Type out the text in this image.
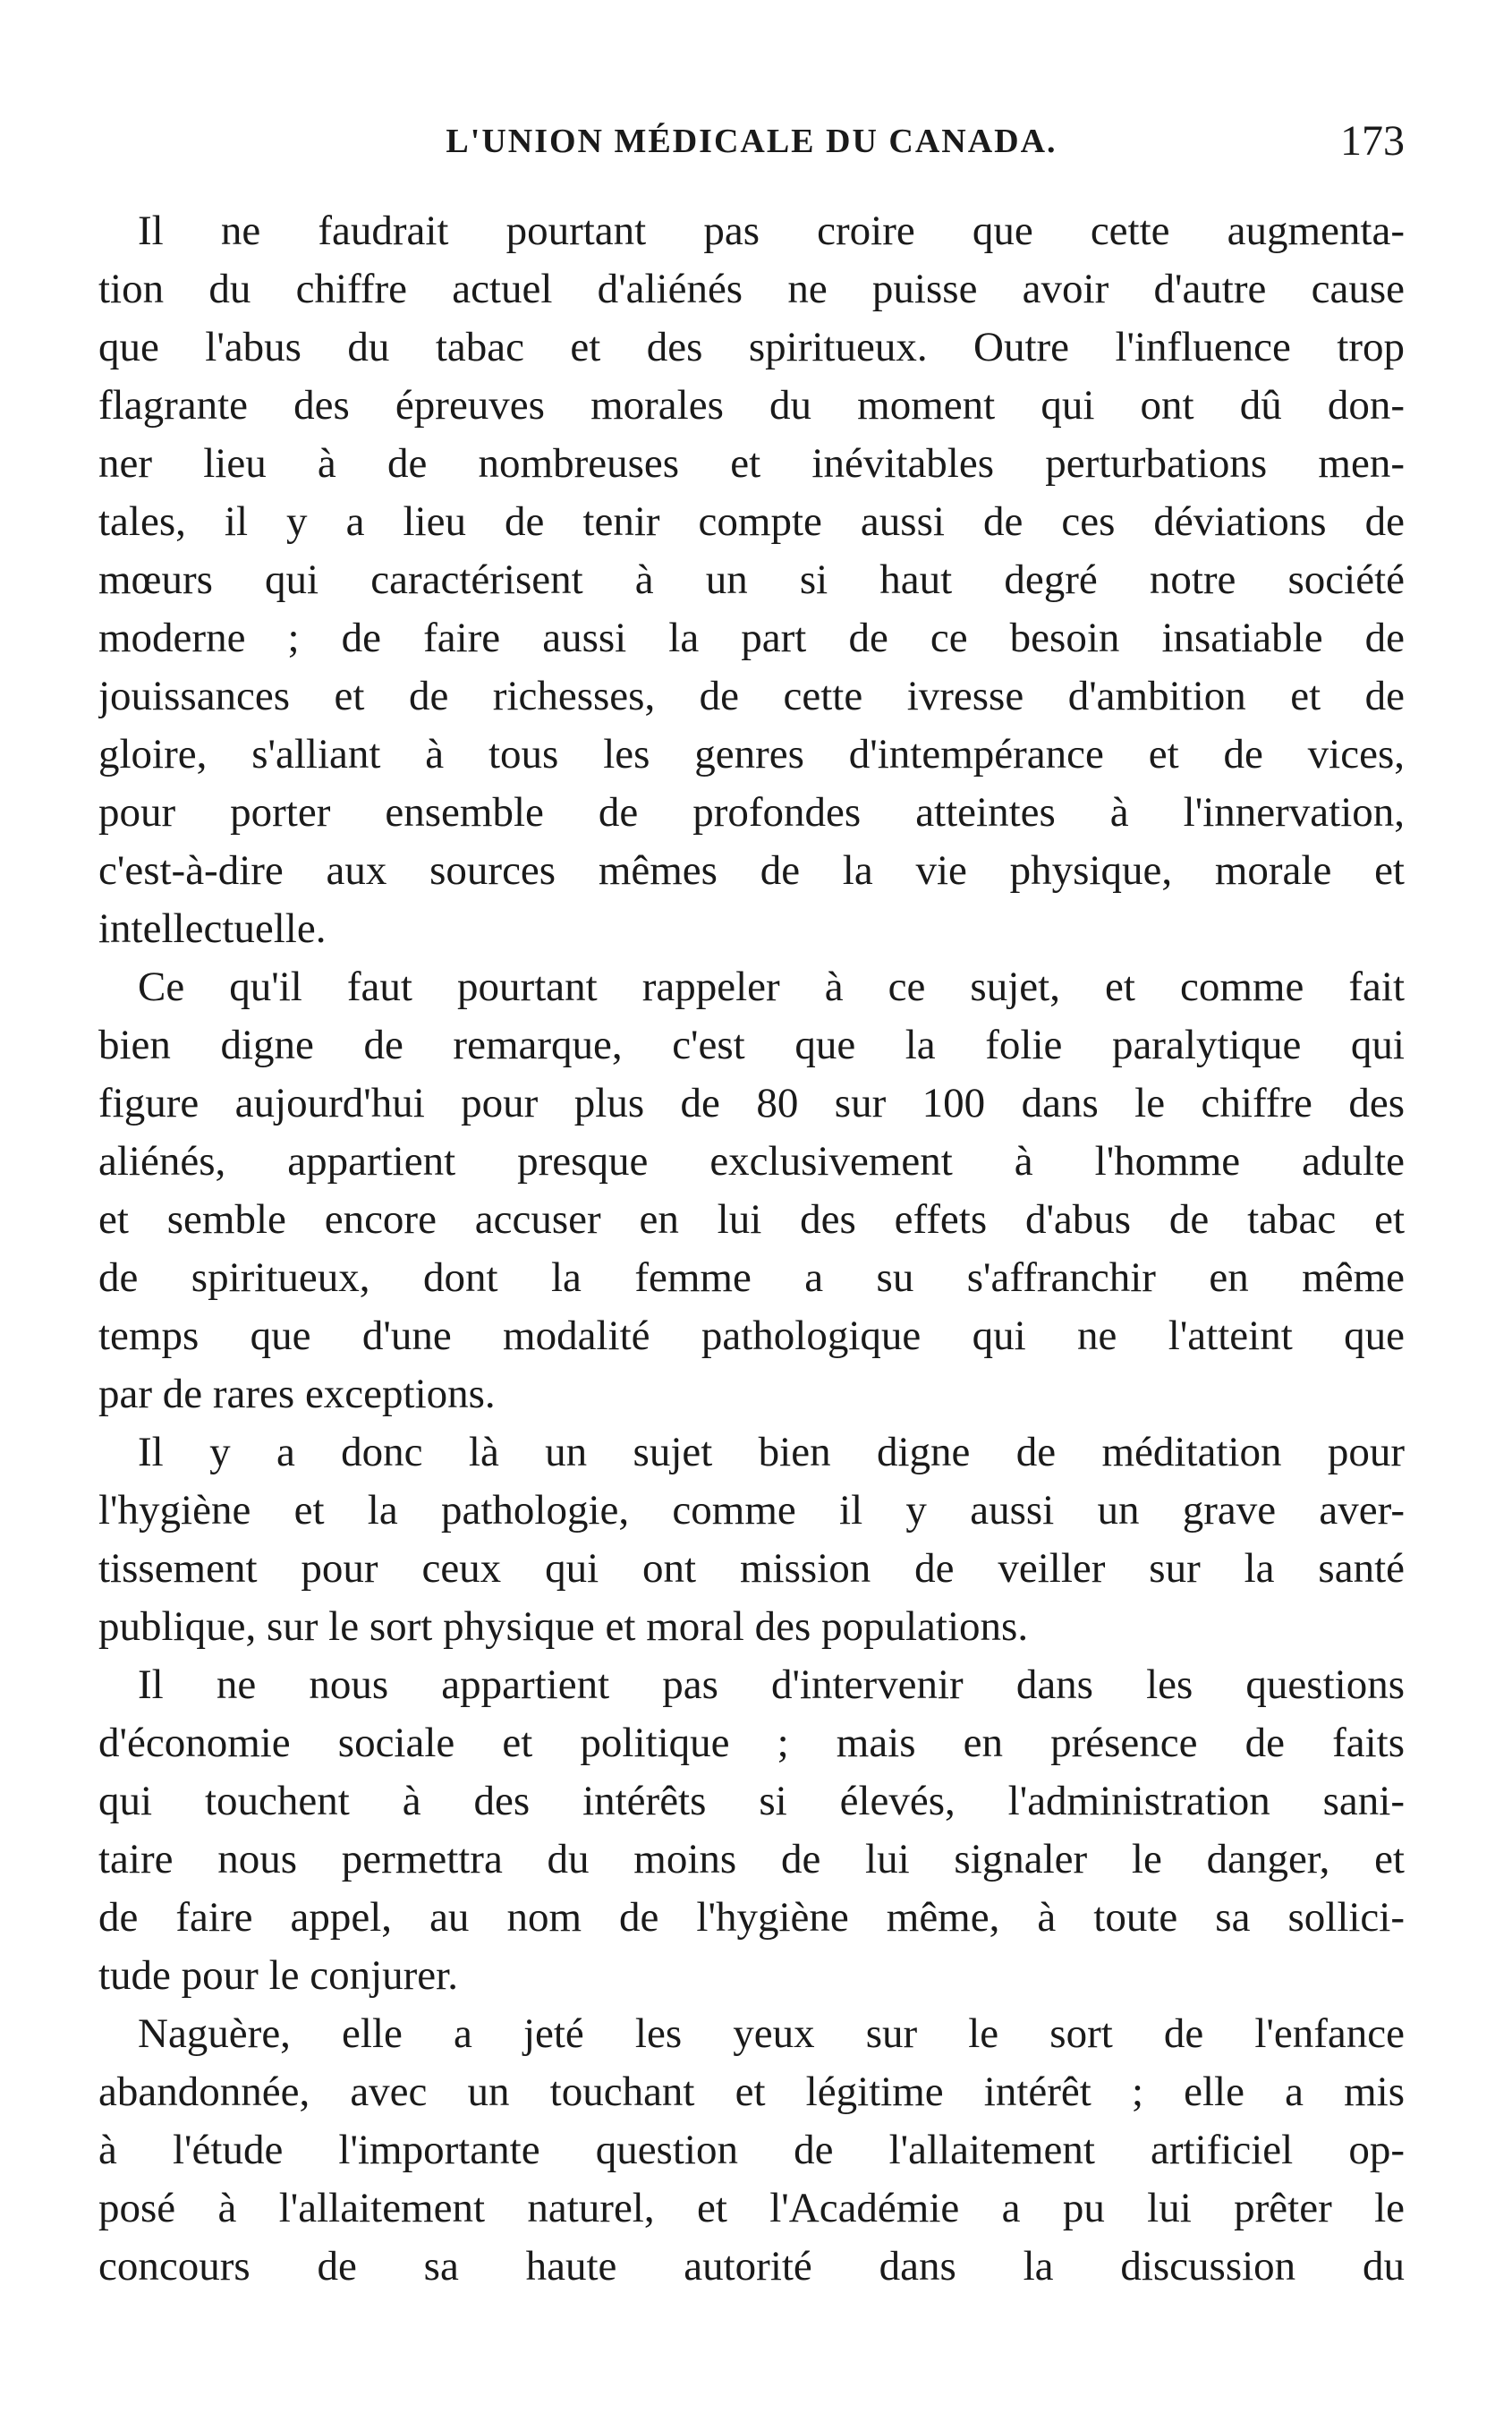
L'UNION MÉDICALE DU CANADA.	173
Il ne faudrait pourtant pas croire que cette augmenta-
tion du chiffre actuel d'aliénés ne puisse avoir d'autre cause
que l'abus du tabac et des spiritueux. Outre l'influence trop
flagrante des épreuves morales du moment qui ont dû don-
ner lieu à de nombreuses et inévitables perturbations men-
tales, il y a lieu de tenir compte aussi de ces déviations de
mœurs qui caractérisent à un si haut degré notre société
moderne ; de faire aussi la part de ce besoin insatiable de
jouissances et de richesses, de cette ivresse d'ambition et de
gloire, s'alliant à tous les genres d'intempérance et de vices,
pour porter ensemble de profondes atteintes à l'innervation,
c'est-à-dire aux sources mêmes de la vie physique, morale et
intellectuelle.
Ce qu'il faut pourtant rappeler à ce sujet, et comme fait
bien digne de remarque, c'est que la folie paralytique qui
figure aujourd'hui pour plus de 80 sur 100 dans le chiffre des
aliénés, appartient presque exclusivement à l'homme adulte
et semble encore accuser en lui des effets d'abus de tabac et
de spiritueux, dont la femme a su s'affranchir en même
temps que d'une modalité pathologique qui ne l'atteint que
par de rares exceptions.
Il y a donc là un sujet bien digne de méditation pour
l'hygiène et la pathologie, comme il y aussi un grave aver-
tissement pour ceux qui ont mission de veiller sur la santé
publique, sur le sort physique et moral des populations.
Il ne nous appartient pas d'intervenir dans les questions
d'économie sociale et politique ; mais en présence de faits
qui touchent à des intérêts si élevés, l'administration sani-
taire nous permettra du moins de lui signaler le danger, et
de faire appel, au nom de l'hygiène même, à toute sa sollici-
tude pour le conjurer.
Naguère, elle a jeté les yeux sur le sort de l'enfance
abandonnée, avec un touchant et légitime intérêt ; elle a mis
à l'étude l'importante question de l'allaitement artificiel op-
posé à l'allaitement naturel, et l'Académie a pu lui prêter le
concours de sa haute autorité dans la discussion du
